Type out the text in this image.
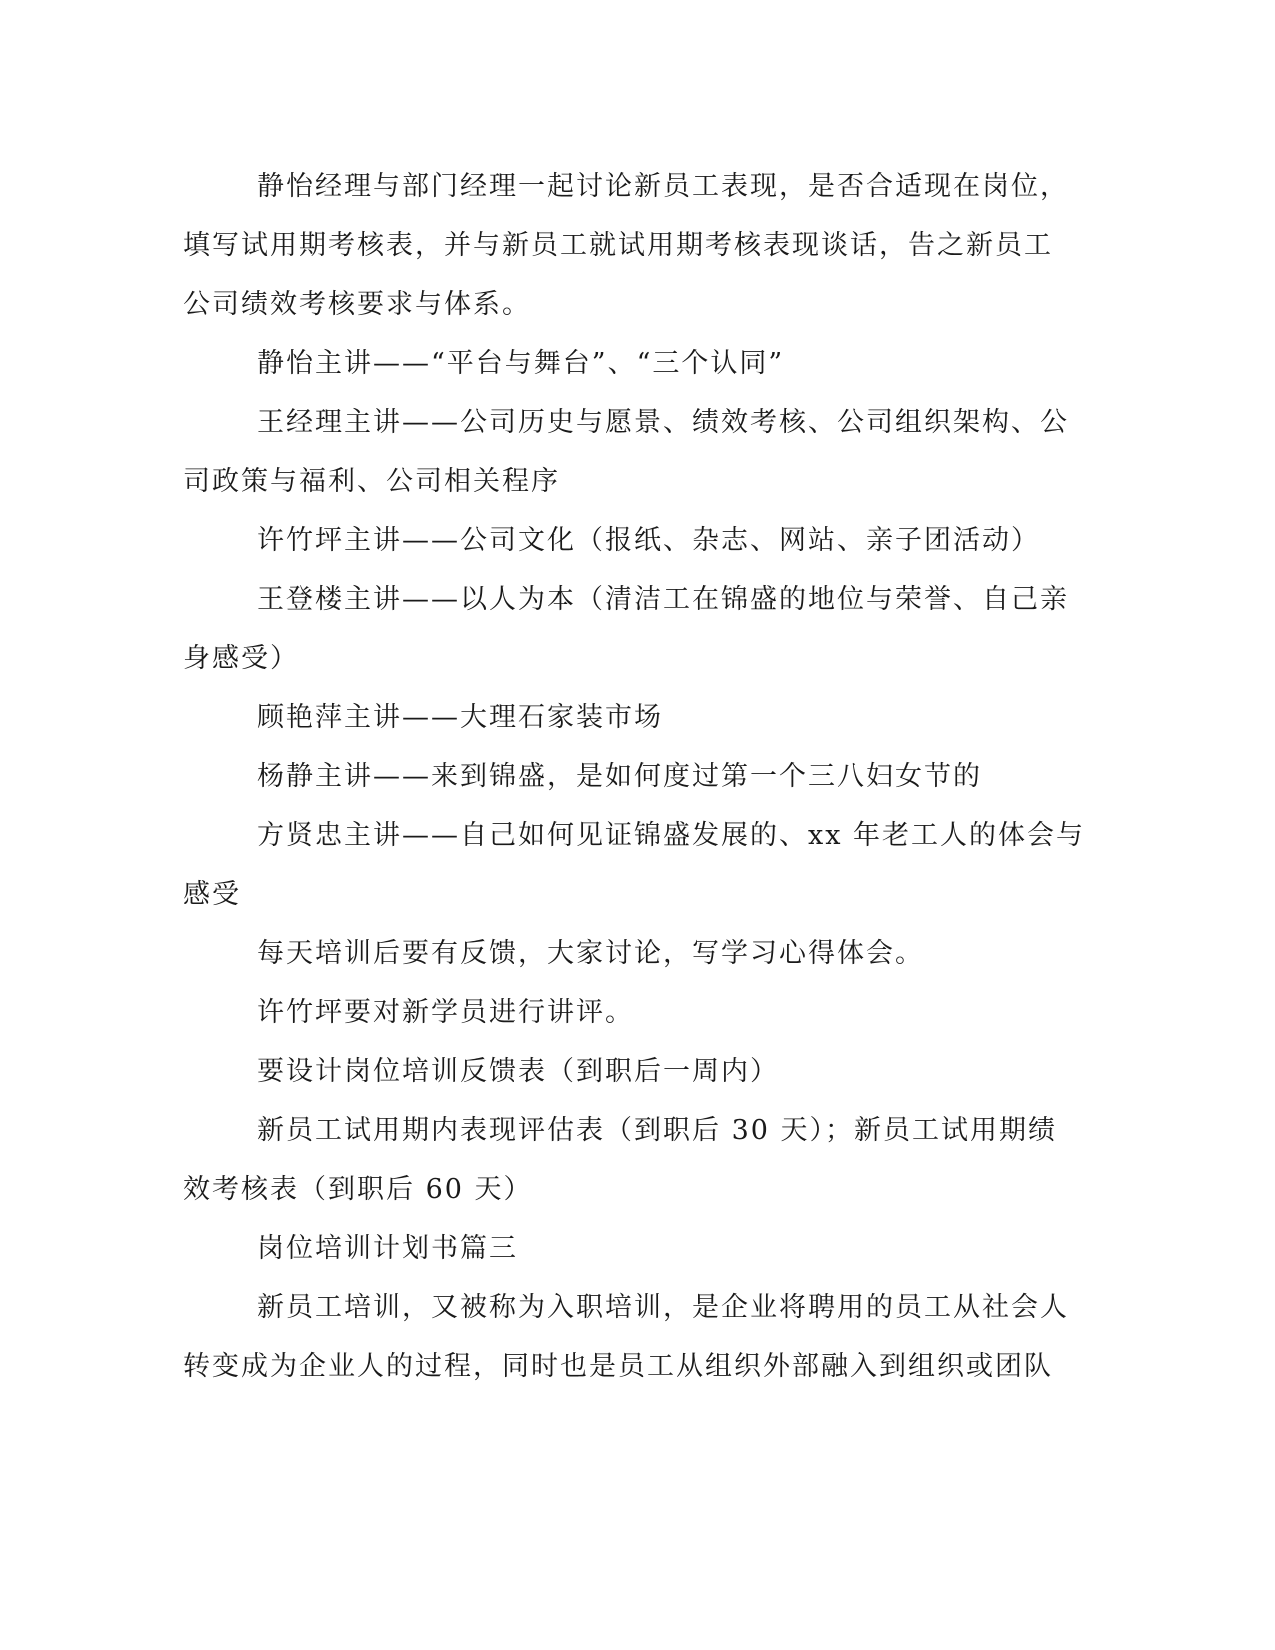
静怡经理与部门经理一起讨论新员工表现，是否合适现在岗位，
填写试用期考核表，并与新员工就试用期考核表现谈话，告之新员工
公司绩效考核要求与体系。
静怡主讲——“平台与舞台”、“三个认同”
王经理主讲——公司历史与愿景、绩效考核、公司组织架构、公
司政策与福利、公司相关程序
许竹坪主讲——公司文化（报纸、杂志、网站、亲子团活动）
王登楼主讲——以人为本（清洁工在锦盛的地位与荣誉、自己亲
身感受）
顾艳萍主讲——大理石家装市场
杨静主讲——来到锦盛，是如何度过第一个三八妇女节的
方贤忠主讲——自己如何见证锦盛发展的、xx 年老工人的体会与
感受
每天培训后要有反馈，大家讨论，写学习心得体会。
许竹坪要对新学员进行讲评。
要设计岗位培训反馈表（到职后一周内）
新员工试用期内表现评估表（到职后 30 天）；新员工试用期绩
效考核表（到职后 60 天）
岗位培训计划书篇三
新员工培训，又被称为入职培训，是企业将聘用的员工从社会人
转变成为企业人的过程，同时也是员工从组织外部融入到组织或团队
